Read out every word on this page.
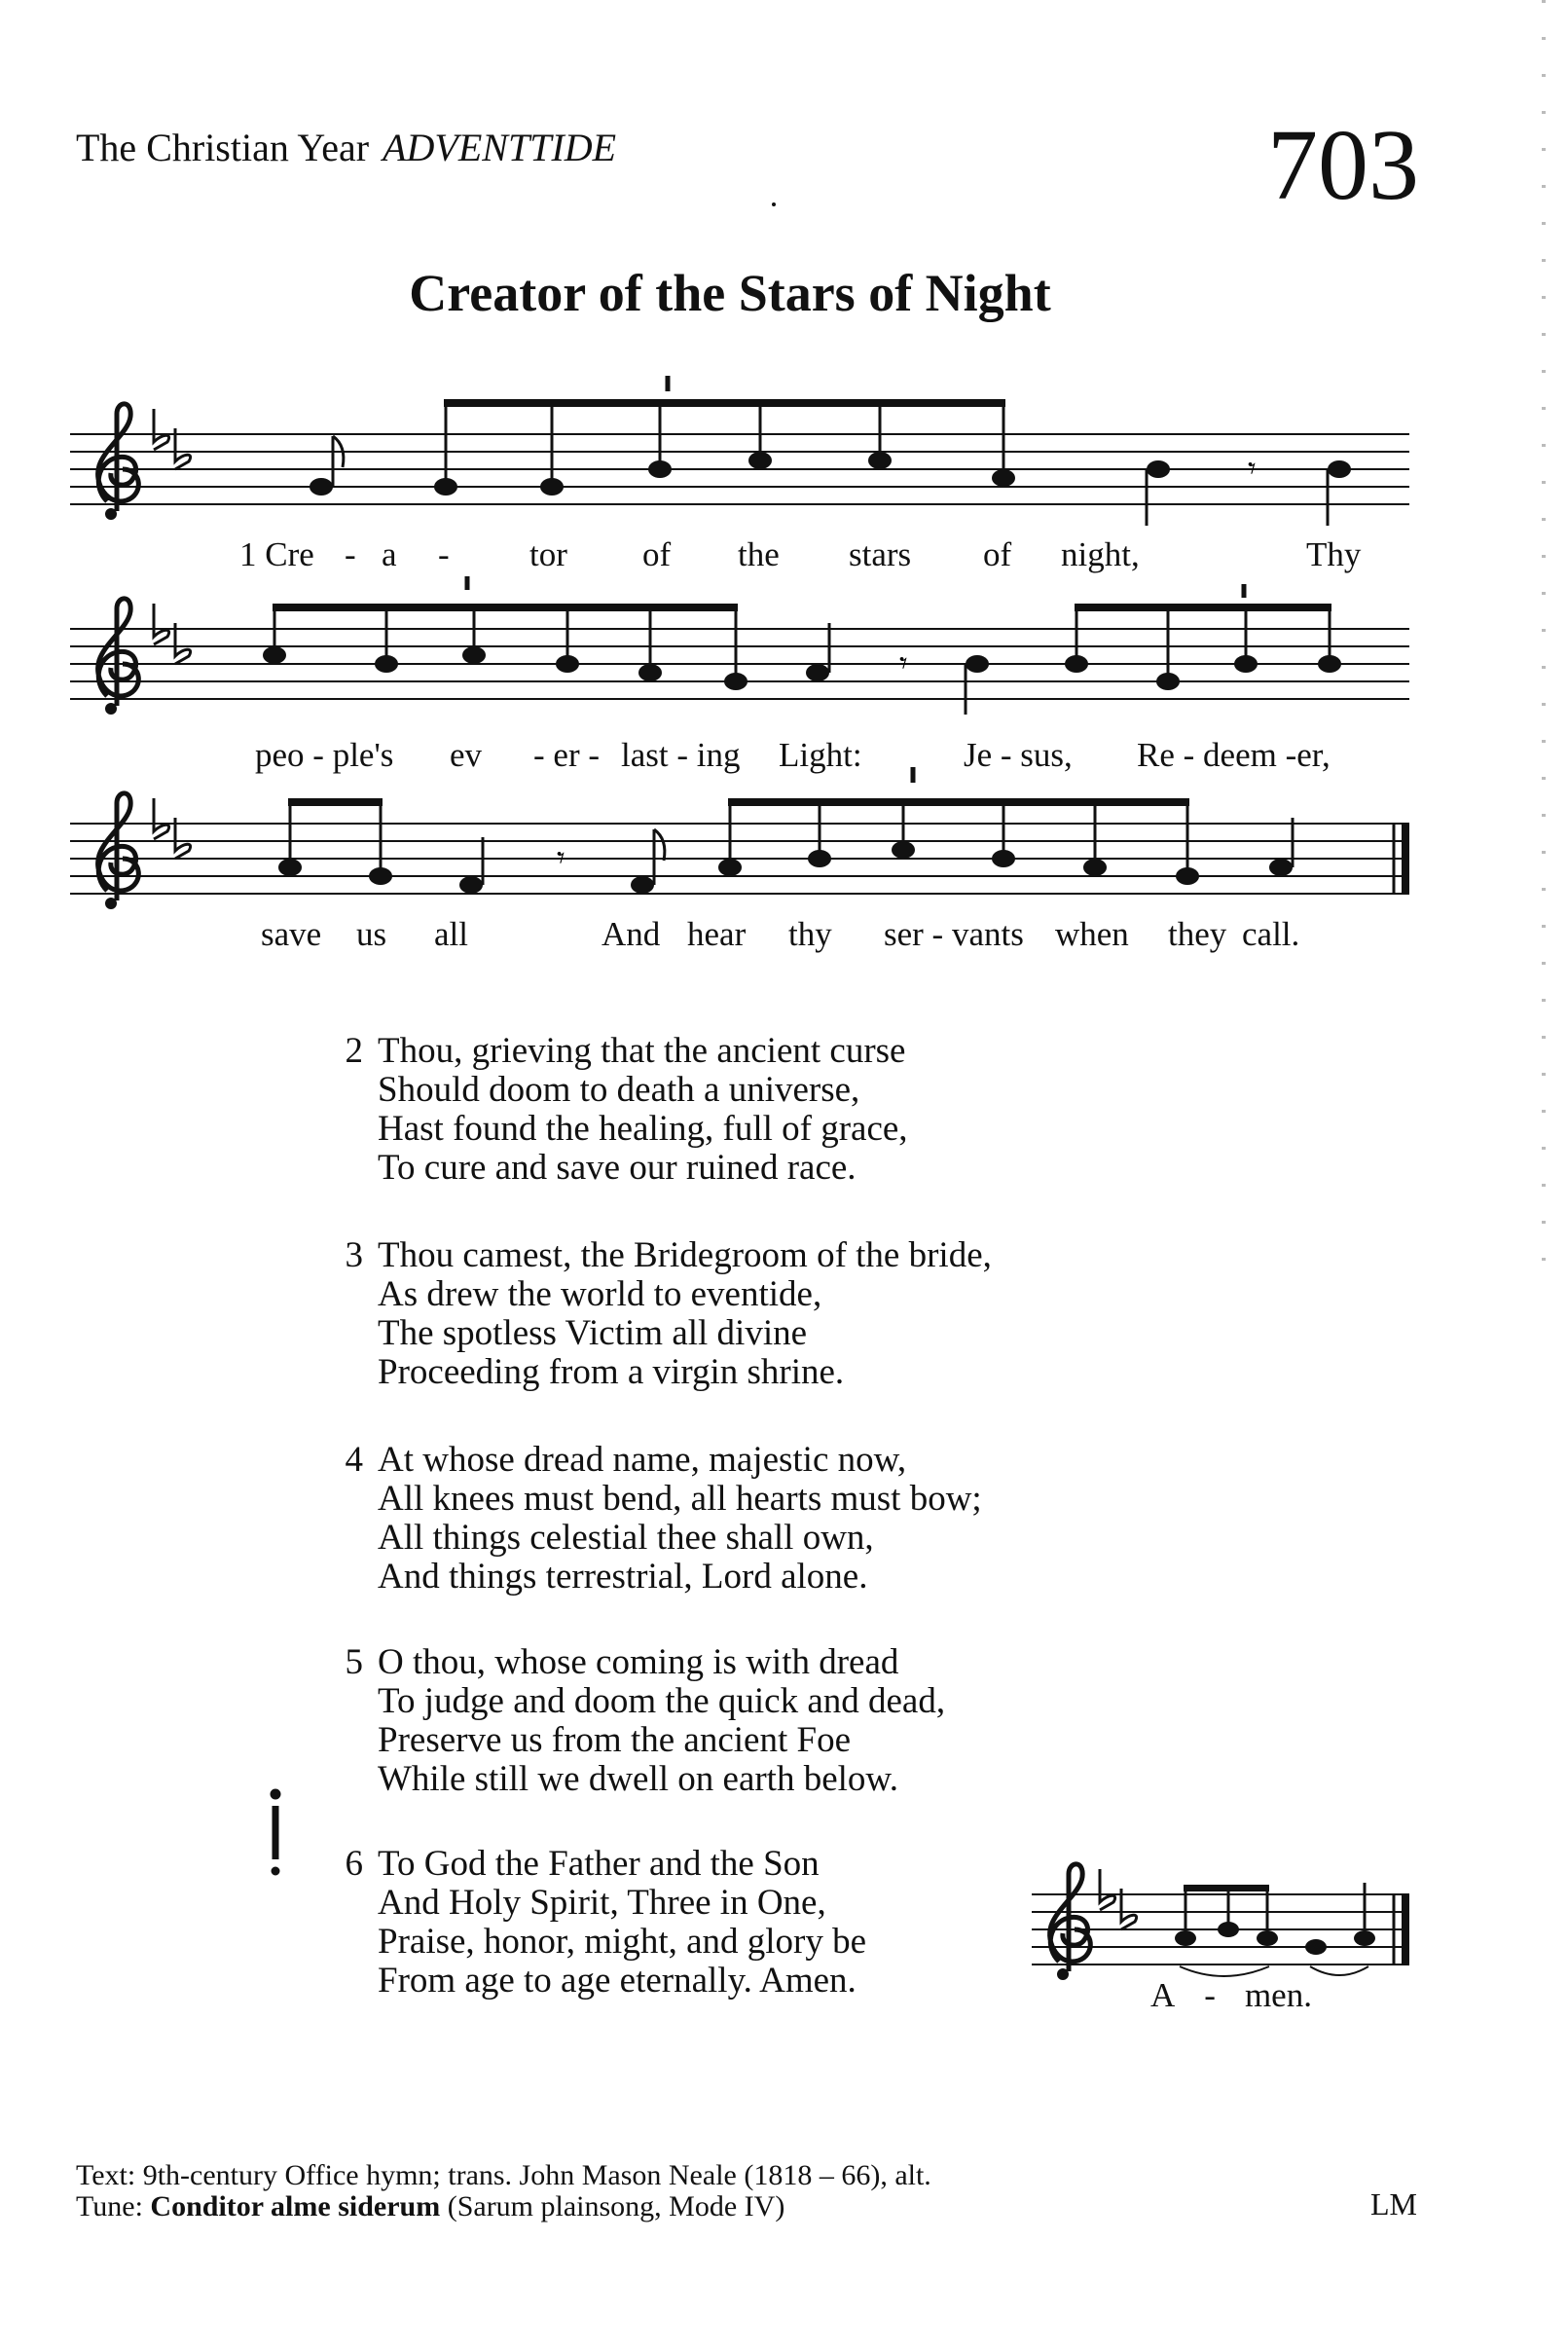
The Christian Year ADVENTTIDE	703
Creator of the Stars of Night
𝄾
𝄾
𝄾
1 Cre - a - tor of the stars of night,	Thy
peo - ple's ev - er - last - ing Light:	Je - sus, Re - deem -er,
save us all	And hear thy ser - vants when they call.
2 Thou, grieving that the ancient curse
Should doom to death a universe,
Hast found the healing, full of grace,
To cure and save our ruined race.
3 Thou camest, the Bridegroom of the bride,
As drew the world to eventide,
The spotless Victim all divine
Proceeding from a virgin shrine.
4 At whose dread name, majestic now,
All knees must bend, all hearts must bow;
All things celestial thee shall own,
And things terrestrial, Lord alone.
5 O thou, whose coming is with dread
To judge and doom the quick and dead,
Preserve us from the ancient Foe
While still we dwell on earth below.
6 To God the Father and the Son
And Holy Spirit, Three in One,
Praise, honor, might, and glory be
From age to age eternally. Amen.	A - men.
Text: 9th-century Office hymn; trans. John Mason Neale (1818 – 66), alt.
Tune: Conditor alme siderum (Sarum plainsong, Mode IV)	LM
